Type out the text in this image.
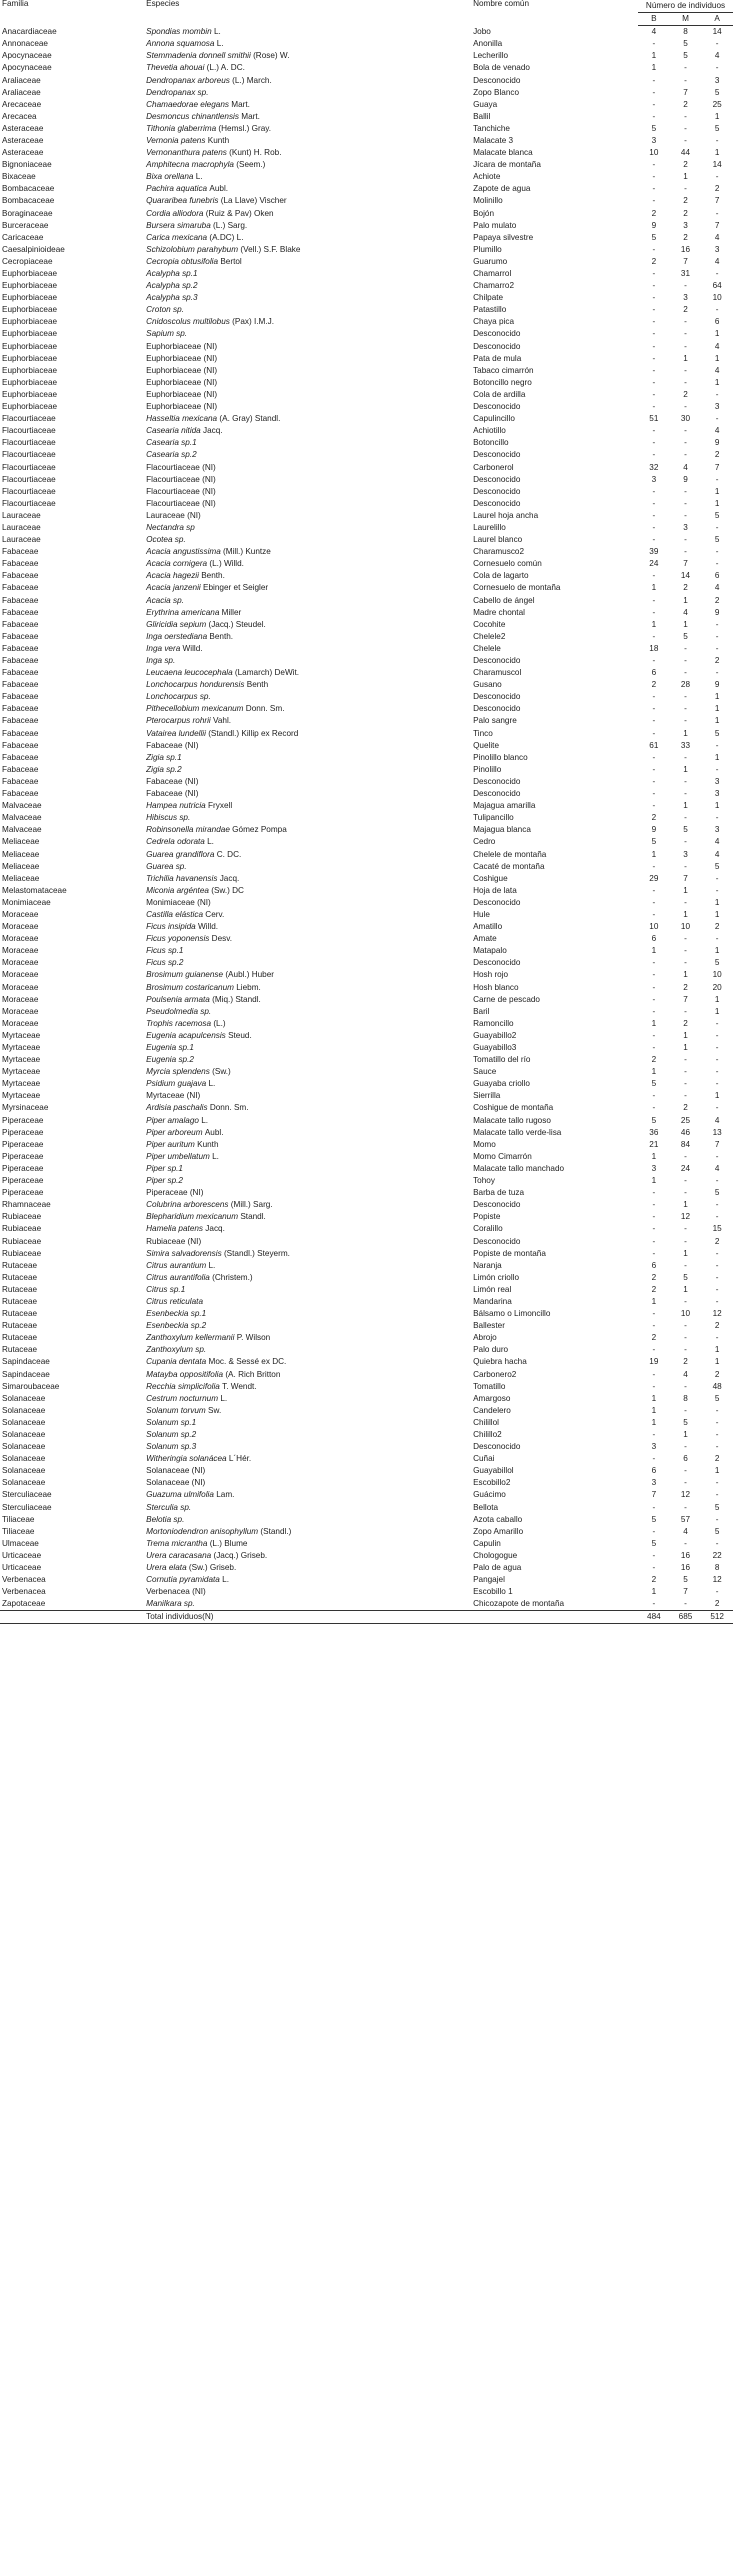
Familia	Especies	Nombre común	Número de individuos		
			B	M	A
Anacardiaceae	Spondias mombin L.	Jobo	4	8	14
Annonaceae	Annona squamosa L.	Anonilla	-	5	-
Apocynaceae	Stemmadenia donnell smithii (Rose) W.	Lecherillo	1	5	4
Apocynaceae	Thevetia ahouai (L.) A. DC.	Bola de venado	1	-	-
Araliaceae	Dendropanax arboreus (L.) March.	Desconocido	-	-	3
Araliaceae	Dendropanax sp.	Zopo Blanco	-	7	5
Arecaceae	Chamaedorae elegans Mart.	Guaya	-	2	25
Arecacea	Desmoncus chinantlensis Mart.	Ballil	-	-	1
Asteraceae	Tithonia glaberrima (Hemsl.) Gray.	Tanchiche	5	-	5
Asteraceae	Vernonia patens Kunth	Malacate 3	3	-	-
Asteraceae	Vernonanthura patens (Kunt) H. Rob.	Malacate blanca	10	44	1
Bignoniaceae	Amphitecna macrophyla (Seem.)	Jícara de montaña	-	2	14
Bixaceae	Bixa orellana L.	Achiote	-	1	-
Bombacaceae	Pachira aquatica Aubl.	Zapote de agua	-	-	2
Bombacaceae	Quararibea funebris (La Llave) Vischer	Molinillo	-	2	7
Boraginaceae	Cordia alliodora (Ruiz & Pav) Oken	Bojón	2	2	-
Burceraceae	Bursera simaruba (L.) Sarg.	Palo mulato	9	3	7
Caricaceae	Carica mexicana (A.DC) L.	Papaya silvestre	5	2	4
Caesalpinioideae	Schizolobium parahybum (Vell.) S.F. Blake	Plumillo	-	16	3
Cecropiaceae	Cecropia obtusifolia Bertol	Guarumo	2	7	4
Euphorbiaceae	Acalypha sp.1	Chamarrol	-	31	-
Euphorbiaceae	Acalypha sp.2	Chamarro2	-	-	64
Euphorbiaceae	Acalypha sp.3	Chilpate	-	3	10
Euphorbiaceae	Croton sp.	Patastillo	-	2	-
Euphorbiaceae	Cnidoscolus multilobus (Pax) I.M.J.	Chaya pica	-	-	6
Euphorbiaceae	Sapium sp.	Desconocido	-	-	1
Euphorbiaceae	Euphorbiaceae (NI)	Desconocido	-	-	4
Euphorbiaceae	Euphorbiaceae (NI)	Pata de mula	-	1	1
Euphorbiaceae	Euphorbiaceae (NI)	Tabaco cimarrón	-	-	4
Euphorbiaceae	Euphorbiaceae (NI)	Botoncillo negro	-	-	1
Euphorbiaceae	Euphorbiaceae (NI)	Cola de ardilla	-	2	-
Euphorbiaceae	Euphorbiaceae (NI)	Desconocido	-	-	3
Flacourtiaceae	Hasseltia mexicana (A. Gray) Standl.	Capulincillo	51	30	-
Flacourtiaceae	Casearia nitida Jacq.	Achiotillo	-	-	4
Flacourtiaceae	Casearia sp.1	Botoncillo	-	-	9
Flacourtiaceae	Casearia sp.2	Desconocido	-	-	2
Flacourtiaceae	Flacourtiaceae (NI)	Carbonerol	32	4	7
Flacourtiaceae	Flacourtiaceae (NI)	Desconocido	3	9	-
Flacourtiaceae	Flacourtiaceae (NI)	Desconocido	-	-	1
Flacourtiaceae	Flacourtiaceae (NI)	Desconocido	-	-	1
Lauraceae	Lauraceae (NI)	Laurel hoja ancha	-	-	5
Lauraceae	Nectandra sp	Laurelillo	-	3	-
Lauraceae	Ocotea sp.	Laurel blanco	-	-	5
Fabaceae	Acacia angustissima (Mill.) Kuntze	Charamusco2	39	-	-
Fabaceae	Acacia cornigera (L.) Willd.	Cornesuelo común	24	7	-
Fabaceae	Acacia hagezii Benth.	Cola de lagarto	-	14	6
Fabaceae	Acacia janzenii Ebinger et Seigler	Cornesuelo de montaña	1	2	4
Fabaceae	Acacia sp.	Cabello de ángel	-	1	2
Fabaceae	Erythrina americana Miller	Madre chontal	-	4	9
Fabaceae	Gliricidia sepium (Jacq.) Steudel.	Cocohite	1	1	-
Fabaceae	Inga oerstediana Benth.	Chelele2	-	5	-
Fabaceae	Inga vera Willd.	Chelele	18	-	-
Fabaceae	Inga sp.	Desconocido	-	-	2
Fabaceae	Leucaena leucocephala (Lamarch) DeWit.	Charamuscol	6	-	-
Fabaceae	Lonchocarpus hondurensis Benth	Gusano	2	28	9
Fabaceae	Lonchocarpus sp.	Desconocido	-	-	1
Fabaceae	Pithecellobium mexicanum Donn. Sm.	Desconocido	-	-	1
Fabaceae	Pterocarpus rohrii Vahl.	Palo sangre	-	-	1
Fabaceae	Vatairea lundellii (Standl.) Killip ex Record	Tinco	-	1	5
Fabaceae	Fabaceae (NI)	Quelite	61	33	-
Fabaceae	Zigia sp.1	Pinolillo blanco	-	-	1
Fabaceae	Zigia sp.2	Pinolillo	-	1	-
Fabaceae	Fabaceae (NI)	Desconocido	-	-	3
Fabaceae	Fabaceae (NI)	Desconocido	-	-	3
Malvaceae	Hampea nutricia Fryxell	Majagua amarilla	-	1	1
Malvaceae	Hibiscus sp.	Tulipancillo	2	-	-
Malvaceae	Robinsonella mirandae Gómez Pompa	Majagua blanca	9	5	3
Meliaceae	Cedrela odorata L.	Cedro	5	-	4
Meliaceae	Guarea grandiflora C. DC.	Chelele de montaña	1	3	4
Meliaceae	Guarea sp.	Cacaté de montaña	-	-	5
Meliaceae	Trichilia havanensis Jacq.	Coshigue	29	7	-
Melastomataceae	Miconia argéntea (Sw.) DC	Hoja de lata	-	1	-
Monimiaceae	Monimiaceae (NI)	Desconocido	-	-	1
Moraceae	Castilla elástica Cerv.	Hule	-	1	1
Moraceae	Ficus insipida Willd.	Amatillo	10	10	2
Moraceae	Ficus yoponensis Desv.	Amate	6	-	-
Moraceae	Ficus sp.1	Matapalo	1	-	1
Moraceae	Ficus sp.2	Desconocido	-	-	5
Moraceae	Brosimum guianense (Aubl.) Huber	Hosh rojo	-	1	10
Moraceae	Brosimum costaricanum Liebm.	Hosh blanco	-	2	20
Moraceae	Poulsenia armata (Miq.) Standl.	Carne de pescado	-	7	1
Moraceae	Pseudolmedia sp.	Baril	-	-	1
Moraceae	Trophis racemosa (L.)	Ramoncillo	1	2	-
Myrtaceae	Eugenia acapulcensis Steud.	Guayabillo2	-	1	-
Myrtaceae	Eugenia sp.1	Guayabillo3	-	1	-
Myrtaceae	Eugenia sp.2	Tomatillo del río	2	-	-
Myrtaceae	Myrcia splendens (Sw.)	Sauce	1	-	-
Myrtaceae	Psidium guajava L.	Guayaba criollo	5	-	-
Myrtaceae	Myrtaceae (NI)	Sierrilla	-	-	1
Myrsinaceae	Ardisia paschalis Donn. Sm.	Coshigue de montaña	-	2	-
Piperaceae	Piper amalago L.	Malacate tallo rugoso	5	25	4
Piperaceae	Piper arboreum Aubl.	Malacate tallo verde-lisa	36	46	13
Piperaceae	Piper auritum Kunth	Momo	21	84	7
Piperaceae	Piper umbellatum L.	Momo Cimarrón	1	-	-
Piperaceae	Piper sp.1	Malacate tallo manchado	3	24	4
Piperaceae	Piper sp.2	Tohoy	1	-	-
Piperaceae	Piperaceae (NI)	Barba de tuza	-	-	5
Rhamnaceae	Colubrina arborescens (Mill.) Sarg.	Desconocido	-	1	-
Rubiaceae	Blepharidium mexicanum Standl.	Popiste	-	12	-
Rubiaceae	Hamelia patens Jacq.	Coralillo	-	-	15
Rubiaceae	Rubiaceae (NI)	Desconocido	-	-	2
Rubiaceae	Simira salvadorensis (Standl.) Steyerm.	Popiste de montaña	-	1	-
Rutaceae	Citrus aurantium L.	Naranja	6	-	-
Rutaceae	Citrus aurantifolia (Christem.)	Limón criollo	2	5	-
Rutaceae	Citrus sp.1	Limón real	2	1	-
Rutaceae	Citrus reticulata	Mandarina	1	-	-
Rutaceae	Esenbeckia sp.1	Bálsamo o Limoncillo	-	10	12
Rutaceae	Esenbeckia sp.2	Ballester	-	-	2
Rutaceae	Zanthoxylum kellermanii P. Wilson	Abrojo	2	-	-
Rutaceae	Zanthoxylum sp.	Palo duro	-	-	1
Sapindaceae	Cupania dentata Moc. & Sessé ex DC.	Quiebra hacha	19	2	1
Sapindaceae	Matayba oppositifolia (A. Rich Britton	Carbonero2	-	4	2
Simaroubaceae	Recchia simplicifolia T. Wendt.	Tomatillo	-	-	48
Solanaceae	Cestrum nocturnum L.	Amargoso	1	8	5
Solanaceae	Solanum torvum Sw.	Candelero	1	-	-
Solanaceae	Solanum sp.1	Chilillol	1	5	-
Solanaceae	Solanum sp.2	Chilillo2	-	1	-
Solanaceae	Solanum sp.3	Desconocido	3	-	-
Solanaceae	Witheringia solanácea L´Hér.	Cuñai	-	6	2
Solanaceae	Solanaceae (NI)	Guayabillol	6	-	1
Solanaceae	Solanaceae (NI)	Escobillo2	3	-	-
Sterculiaceae	Guazuma ulmifolia Lam.	Guácimo	7	12	-
Sterculiaceae	Sterculia sp.	Bellota	-	-	5
Tiliaceae	Belotia sp.	Azota caballo	5	57	-
Tiliaceae	Mortoniodendron anisophyllum (Standl.)	Zopo Amarillo	-	4	5
Ulmaceae	Trema micrantha (L.) Blume	Capulin	5	-	-
Urticaceae	Urera caracasana (Jacq.) Griseb.	Chologogue	-	16	22
Urticaceae	Urera elata (Sw.) Griseb.	Palo de agua	-	16	8
Verbenacea	Cornutia pyramidata L.	Pangajel	2	5	12
Verbenacea	Verbenacea (NI)	Escobillo 1	1	7	-
Zapotaceae	Manilkara sp.	Chicozapote de montaña	-	-	2
	Total individuos(N)		484	685	512
